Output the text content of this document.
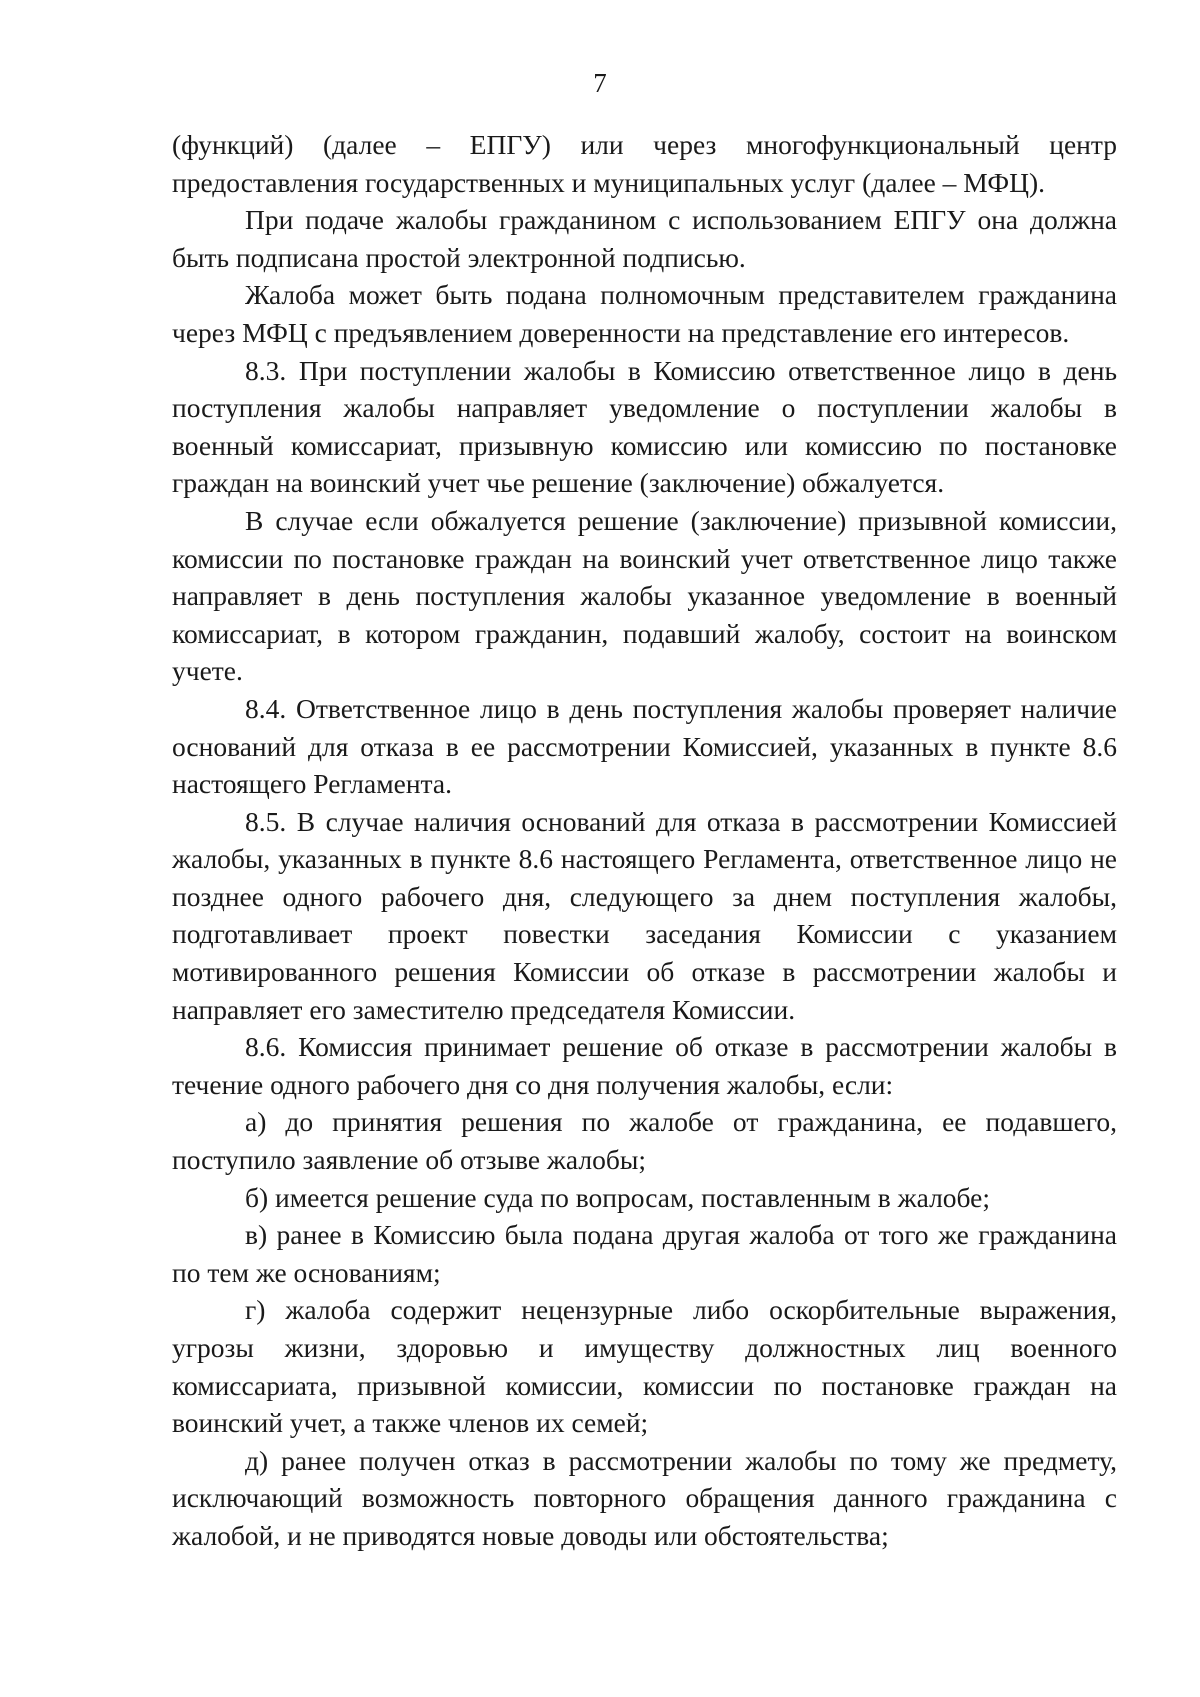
7

(функций) (далее – ЕПГУ) или через многофункциональный центр предоставления государственных и муниципальных услуг (далее – МФЦ).

При подаче жалобы гражданином с использованием ЕПГУ она должна быть подписана простой электронной подписью.

Жалоба может быть подана полномочным представителем гражданина через МФЦ с предъявлением доверенности на представление его интересов.

8.3. При поступлении жалобы в Комиссию ответственное лицо в день поступления жалобы направляет уведомление о поступлении жалобы в военный комиссариат, призывную комиссию или комиссию по постановке граждан на воинский учет чье решение (заключение) обжалуется.

В случае если обжалуется решение (заключение) призывной комиссии, комиссии по постановке граждан на воинский учет ответственное лицо также направляет в день поступления жалобы указанное уведомление в военный комиссариат, в котором гражданин, подавший жалобу, состоит на воинском учете.

8.4. Ответственное лицо в день поступления жалобы проверяет наличие оснований для отказа в ее рассмотрении Комиссией, указанных в пункте 8.6 настоящего Регламента.

8.5. В случае наличия оснований для отказа в рассмотрении Комиссией жалобы, указанных в пункте 8.6 настоящего Регламента, ответственное лицо не позднее одного рабочего дня, следующего за днем поступления жалобы, подготавливает проект повестки заседания Комиссии с указанием мотивированного решения Комиссии об отказе в рассмотрении жалобы и направляет его заместителю председателя Комиссии.

8.6. Комиссия принимает решение об отказе в рассмотрении жалобы в течение одного рабочего дня со дня получения жалобы, если:

а) до принятия решения по жалобе от гражданина, ее подавшего, поступило заявление об отзыве жалобы;

б) имеется решение суда по вопросам, поставленным в жалобе;

в) ранее в Комиссию была подана другая жалоба от того же гражданина по тем же основаниям;

г) жалоба содержит нецензурные либо оскорбительные выражения, угрозы жизни, здоровью и имуществу должностных лиц военного комиссариата, призывной комиссии, комиссии по постановке граждан на воинский учет, а также членов их семей;

д) ранее получен отказ в рассмотрении жалобы по тому же предмету, исключающий возможность повторного обращения данного гражданина с жалобой, и не приводятся новые доводы или обстоятельства;
